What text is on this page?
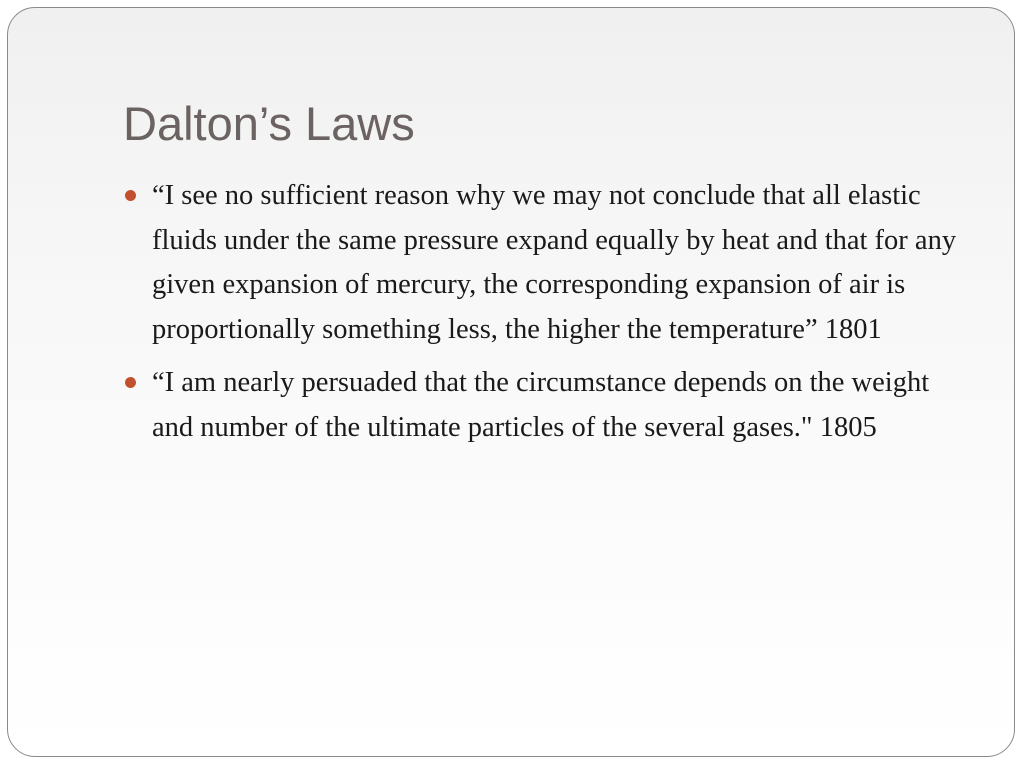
Dalton’s Laws
“I see no sufficient reason why we may not conclude that all elastic fluids under the same pressure expand equally by heat and that for any given expansion of mercury, the corresponding expansion of air is proportionally something less, the higher the temperature” 1801
“I am nearly persuaded that the circumstance depends on the weight and number of the ultimate particles of the several gases." 1805
